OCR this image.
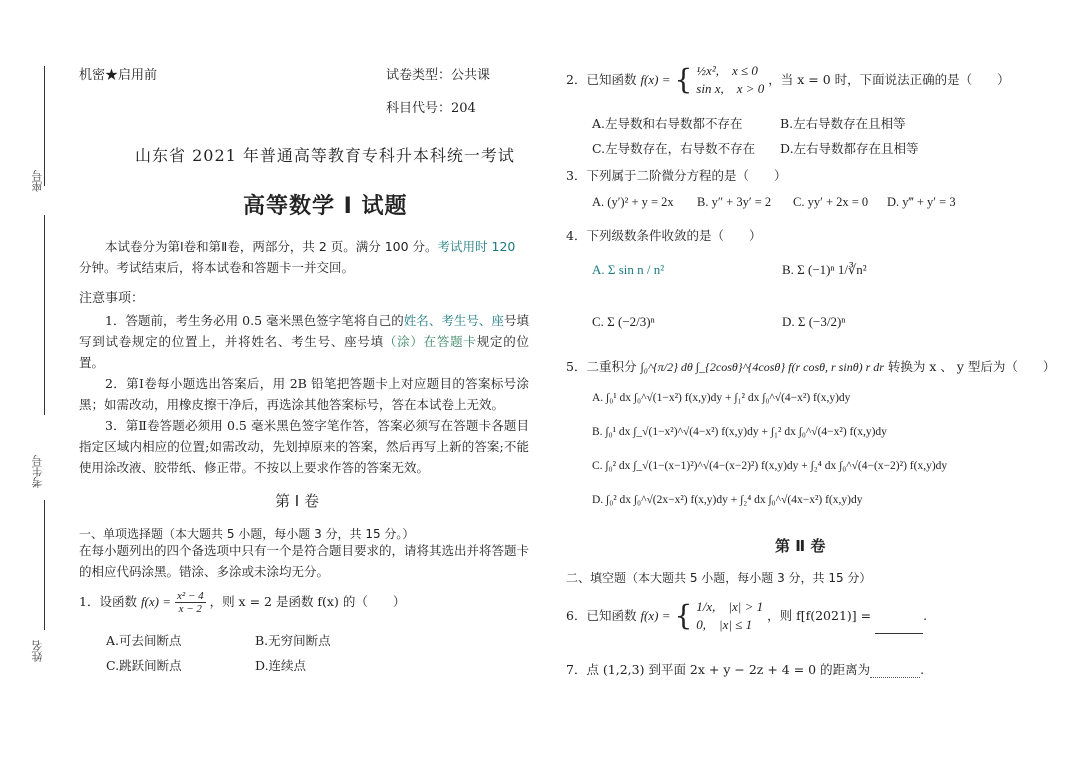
座号
考生号
姓名
机密★启用前	试卷类型：公共课
科目代号：204
山东省 2021 年普通高等教育专科升本科统一考试
高等数学 Ⅰ 试题
本试卷分为第Ⅰ卷和第Ⅱ卷，两部分，共 2 页。满分 100 分。考试用时 120
分钟。考试结束后，将本试卷和答题卡一并交回。
注意事项：
1．答题前，考生务必用 0.5 毫米黑色签字笔将自己的姓名、考生号、座号填写到试卷规定的位置上，并将姓名、考生号、座号填（涂）在答题卡规定的位置。
2．第Ⅰ卷每小题选出答案后，用 2B 铅笔把答题卡上对应题目的答案标号涂黑；如需改动，用橡皮擦干净后，再选涂其他答案标号，答在本试卷上无效。
3．第Ⅱ卷答题必须用 0.5 毫米黑色签字笔作答，答案必须写在答题卡各题目指定区域内相应的位置;如需改动，先划掉原来的答案，然后再写上新的答案;不能使用涂改液、胶带纸、修正带。不按以上要求作答的答案无效。
第 Ⅰ 卷
一、单项选择题（本大题共 5 小题，每小题 3 分，共 15 分。）
在每小题列出的四个备选项中只有一个是符合题目要求的，请将其选出并将答题卡的相应代码涂黑。错涂、多涂或未涂均无分。
1．设函数 $f(x) = \frac{\text{x² − 4}}{x - 2}$ ，则 x = 2 是函数 f(x) 的（　　）
A.可去间断点	B.无穷间断点
C.跳跃间断点	D.连续点
2．已知函数 f(x) = { ½x²,　x ≤ 0
sin x,　x > 0
，当 x = 0 时，下面说法正确的是（　　）
A.左导数和右导数都不存在	B.左右导数存在且相等
C.左导数存在，右导数不存在 D.左右导数都存在且相等
3．下列属于二阶微分方程的是（　　）
A. (y′)² + y = 2x B. y″ + 3y′ = 2 C. yy′ + 2x = 0 D. y‴ + y′ = 3
4．下列级数条件收敛的是（　　）
A. Σ sin n / n²	B. Σ (−1)ⁿ 1/∛n²
C. Σ (−2/3)ⁿ	D. Σ (−3/2)ⁿ
5．二重积分 ∫₀^{π/2} dθ ∫_{2cosθ}^{4cosθ} f(r cosθ, r sinθ) r dr 转换为 x 、 y 型后为（　　）
A. ∫₀¹ dx ∫₀^√(1−x²) f(x,y)dy + ∫₁² dx ∫₀^√(4−x²) f(x,y)dy
B. ∫₀¹ dx ∫_√(1−x²)^√(4−x²) f(x,y)dy + ∫₁² dx ∫₀^√(4−x²) f(x,y)dy
C. ∫₀² dx ∫_√(1−(x−1)²)^√(4−(x−2)²) f(x,y)dy + ∫₂⁴ dx ∫₀^√(4−(x−2)²) f(x,y)dy
D. ∫₀² dx ∫₀^√(2x−x²) f(x,y)dy + ∫₂⁴ dx ∫₀^√(4x−x²) f(x,y)dy
第 Ⅱ 卷
二、填空题（本大题共 5 小题，每小题 3 分，共 15 分）
6．已知函数 f(x) = { 1/x,　|x| > 1
0,　|x| ≤ 1
，则 f[f(2021)] =	.
7．点 (1,2,3) 到平面 2x + y − 2z + 4 = 0 的距离为	.
